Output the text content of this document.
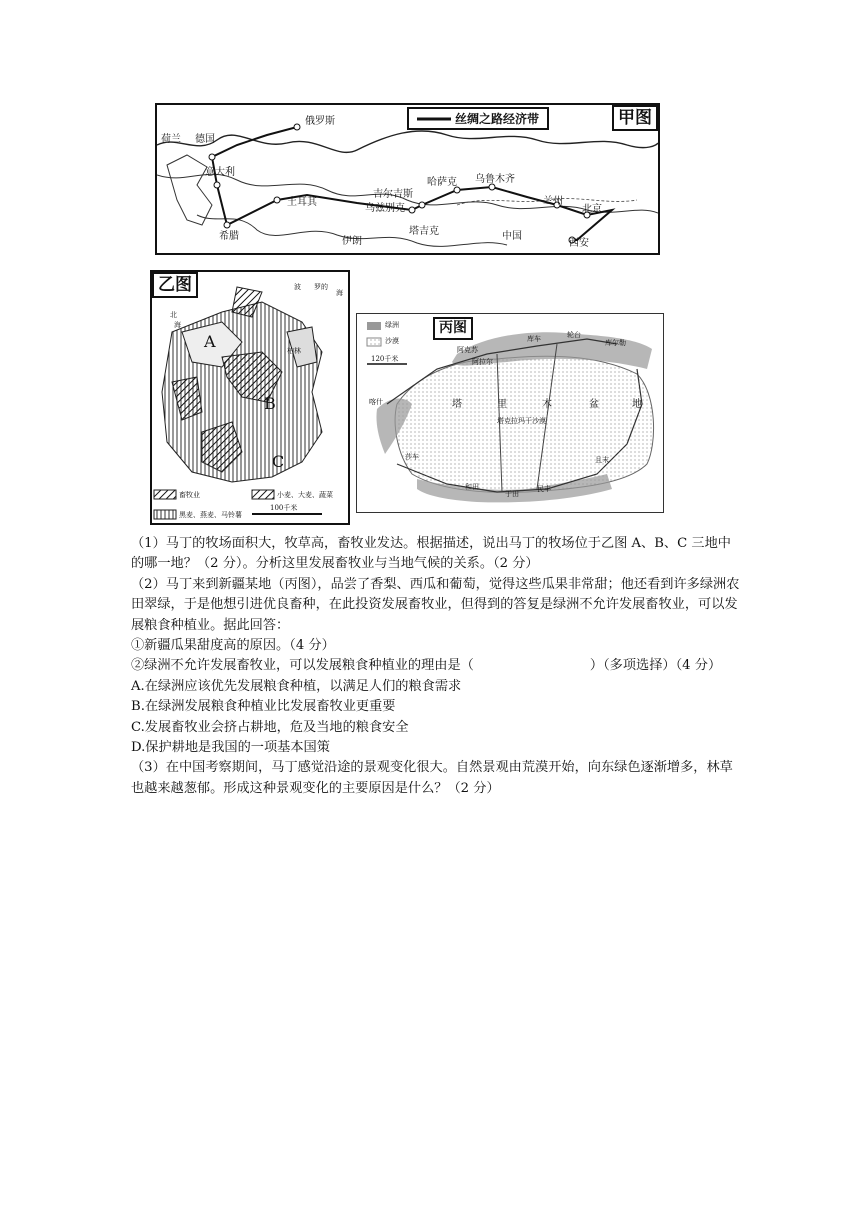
俄罗斯
荷兰 德国
意大利
土耳其
希腊	伊朗
吉尔吉斯
哈萨克 乌鲁木齐
乌兹别克
塔吉克	中国
兰州
北京
西安
丝绸之路经济带	甲图
乙图	波 罗的
海
北
海
柏林
A
B
C
畜牧业	小麦、大麦、蔬菜
黑麦、燕麦、马铃薯
100千米
绿洲
沙漠
120千米
丙图
阿克苏
库车
阿拉尔
轮台
库尔勒
喀什	塔	里	木	盆	地
塔克拉玛干沙漠
莎车
和田
于田
民丰
且末

（1）马丁的牧场面积大，牧草高，畜牧业发达。根据描述，说出马丁的牧场位于乙图 A、B、C 三地中的哪一地？（2 分）。分析这里发展畜牧业与当地气候的关系。（2 分）

（2）马丁来到新疆某地（丙图），品尝了香梨、西瓜和葡萄，觉得这些瓜果非常甜；他还看到许多绿洲农田翠绿，于是他想引进优良畜种，在此投资发展畜牧业，但得到的答复是绿洲不允许发展畜牧业，可以发展粮食种植业。据此回答：

①新疆瓜果甜度高的原因。（4 分）

②绿洲不允许发展畜牧业，可以发展粮食种植业的理由是（	）（多项选择）（4 分）

A.在绿洲应该优先发展粮食种植，以满足人们的粮食需求
B.在绿洲发展粮食种植业比发展畜牧业更重要
C.发展畜牧业会挤占耕地，危及当地的粮食安全
D.保护耕地是我国的一项基本国策

（3）在中国考察期间，马丁感觉沿途的景观变化很大。自然景观由荒漠开始，向东绿色逐渐增多，林草也越来越葱郁。形成这种景观变化的主要原因是什么？（2 分）
